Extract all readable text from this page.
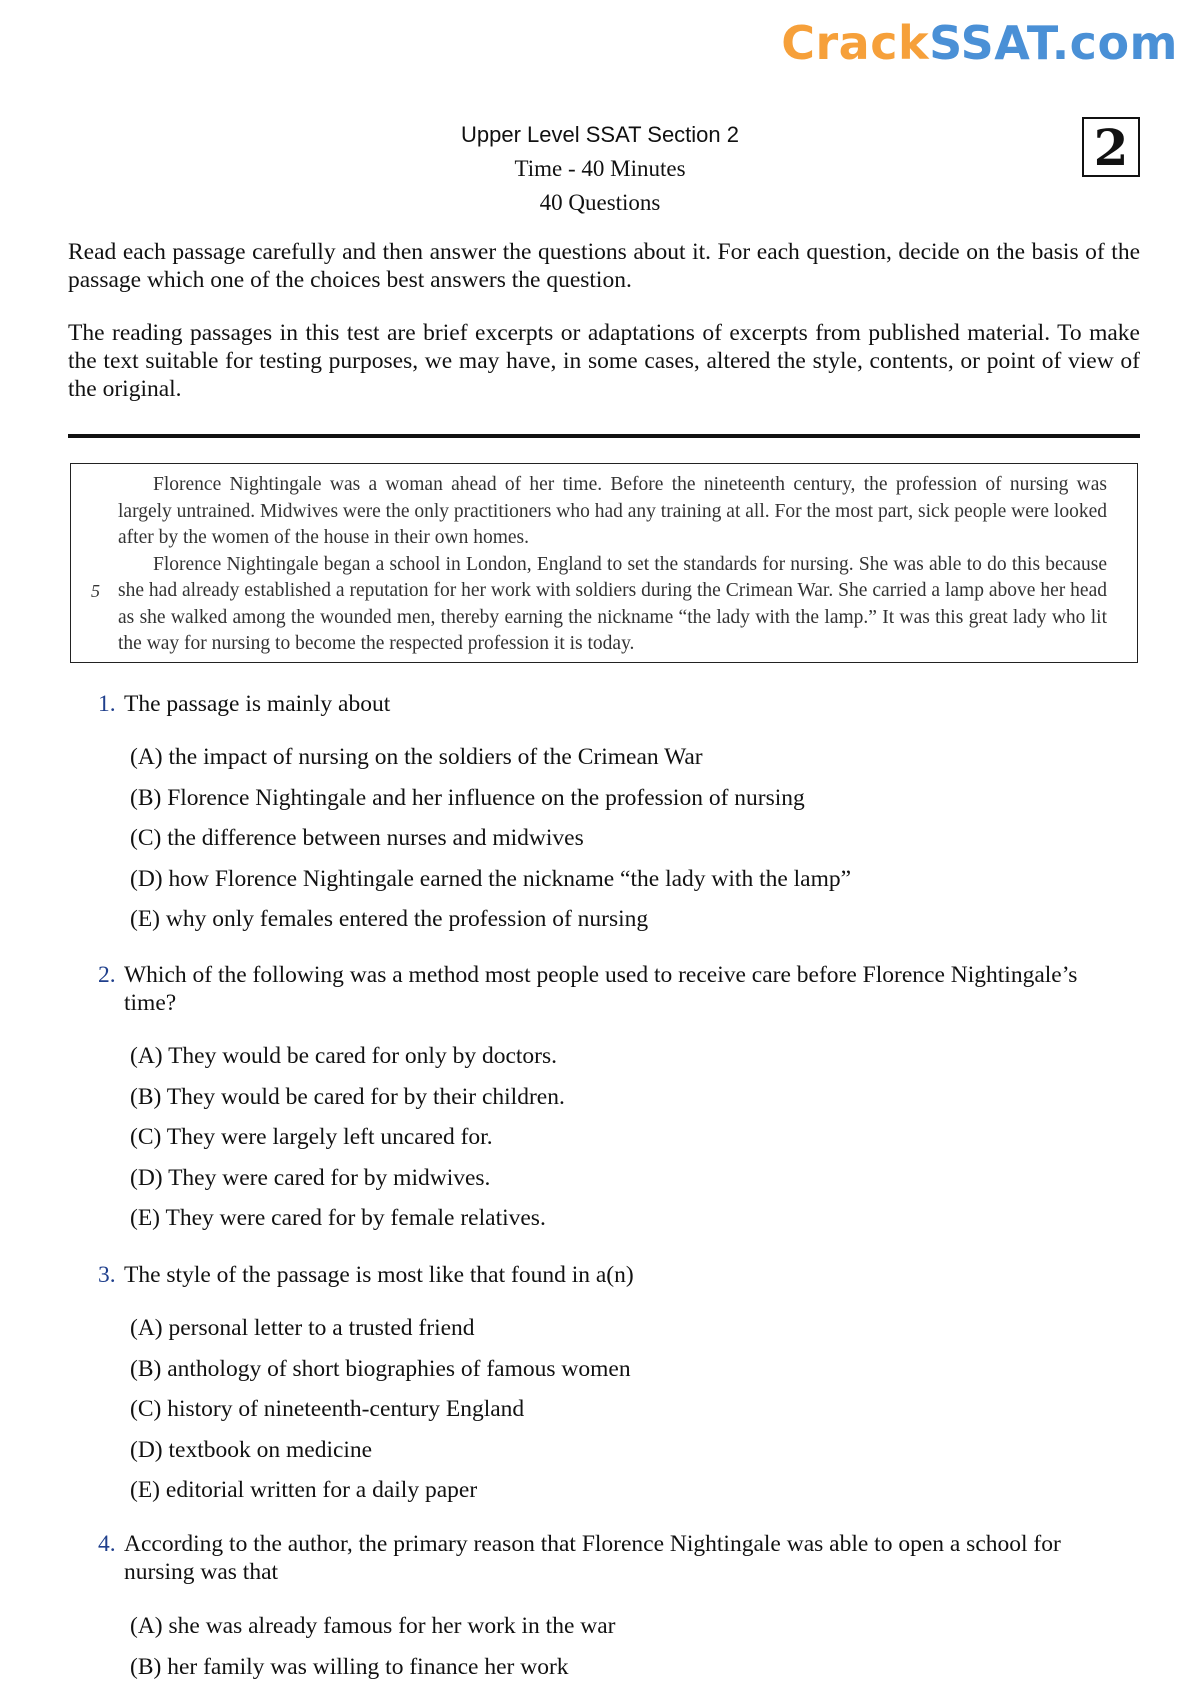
CrackSSAT.com
Upper Level SSAT Section 2
Time - 40 Minutes
40 Questions
2
Read each passage carefully and then answer the questions about it. For each question, decide on the basis of the passage which one of the choices best answers the question.
The reading passages in this test are brief excerpts or adaptations of excerpts from published material. To make the text suitable for testing purposes, we may have, in some cases, altered the style, contents, or point of view of the original.
5

Florence Nightingale was a woman ahead of her time. Before the nineteenth century, the profession of nursing was largely untrained. Midwives were the only practitioners who had any training at all. For the most part, sick people were looked after by the women of the house in their own homes.

Florence Nightingale began a school in London, England to set the standards for nursing. She was able to do this because she had already established a reputation for her work with soldiers during the Crimean War. She carried a lamp above her head as she walked among the wounded men, thereby earning the nickname “the lady with the lamp.” It was this great lady who lit the way for nursing to become the respected profession it is today.

1. The passage is mainly about
(A) the impact of nursing on the soldiers of the Crimean War
(B) Florence Nightingale and her influence on the profession of nursing
(C) the difference between nurses and midwives
(D) how Florence Nightingale earned the nickname “the lady with the lamp”
(E) why only females entered the profession of nursing
2. Which of the following was a method most people used to receive care before Florence Nightingale’s time?
(A) They would be cared for only by doctors.
(B) They would be cared for by their children.
(C) They were largely left uncared for.
(D) They were cared for by midwives.
(E) They were cared for by female relatives.
3. The style of the passage is most like that found in a(n)
(A) personal letter to a trusted friend
(B) anthology of short biographies of famous women
(C) history of nineteenth-century England
(D) textbook on medicine
(E) editorial written for a daily paper
4. According to the author, the primary reason that Florence Nightingale was able to open a school for nursing was that
(A) she was already famous for her work in the war
(B) her family was willing to finance her work
